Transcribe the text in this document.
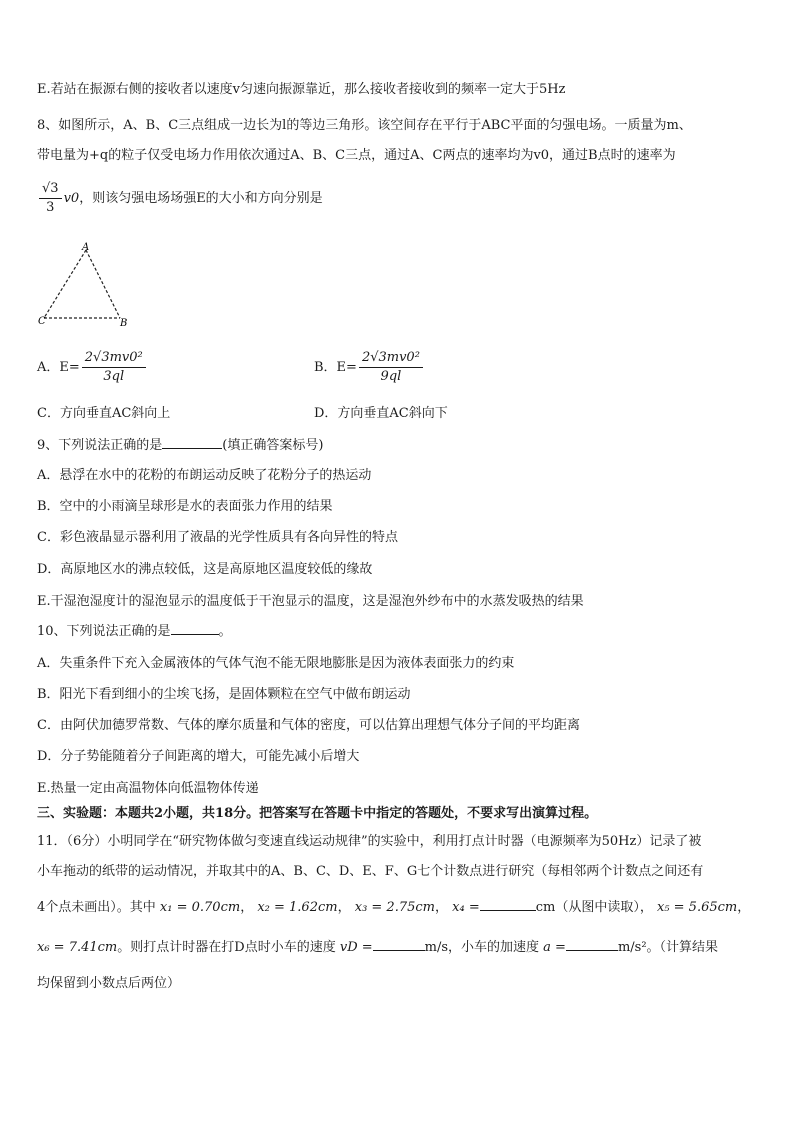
E.若站在振源右侧的接收者以速度v匀速向振源靠近，那么接收者接收到的频率一定大于5Hz
8、如图所示，A、B、C三点组成一边长为l的等边三角形。该空间存在平行于ABC平面的匀强电场。一质量为m、
带电量为+q的粒子仅受电场力作用依次通过A、B、C三点，通过A、C两点的速率均为v0，通过B点时的速率为
$\frac{√3}{3} v0$，则该匀强电场场强E的大小和方向分别是
A
C	B
A．$E= \frac{\text{2√3mv0²}}{3ql}$	B．$E= \frac{\text{2√3mv0²}}{9ql}$
C．方向垂直AC斜向上	D．方向垂直AC斜向下
9、下列说法正确的是	(填正确答案标号)
A．悬浮在水中的花粉的布朗运动反映了花粉分子的热运动
B．空中的小雨滴呈球形是水的表面张力作用的结果
C．彩色液晶显示器利用了液晶的光学性质具有各向异性的特点
D．高原地区水的沸点较低，这是高原地区温度较低的缘故
E.干湿泡湿度计的湿泡显示的温度低于干泡显示的温度，这是湿泡外纱布中的水蒸发吸热的结果
10、下列说法正确的是	。
A．失重条件下充入金属液体的气体气泡不能无限地膨胀是因为液体表面张力的约束
B．阳光下看到细小的尘埃飞扬，是固体颗粒在空气中做布朗运动
C．由阿伏加德罗常数、气体的摩尔质量和气体的密度，可以估算出理想气体分子间的平均距离
D．分子势能随着分子间距离的增大，可能先减小后增大
E.热量一定由高温物体向低温物体传递
三、实验题：本题共2小题，共18分。把答案写在答题卡中指定的答题处，不要求写出演算过程。
11．（6分）小明同学在“研究物体做匀变速直线运动规律”的实验中，利用打点计时器（电源频率为50Hz）记录了被
小车拖动的纸带的运动情况，并取其中的A、B、C、D、E、F、G七个计数点进行研究（每相邻两个计数点之间还有
4个点未画出）。其中 x₁ = 0.70cm， x₂ = 1.62cm， x₃ = 2.75cm， x₄ =	cm（从图中读取）， x₅ = 5.65cm，
x₆ = 7.41cm。则打点计时器在打D点时小车的速度 vD =	m/s，小车的加速度 a =	m/s²。（计算结果
均保留到小数点后两位）
